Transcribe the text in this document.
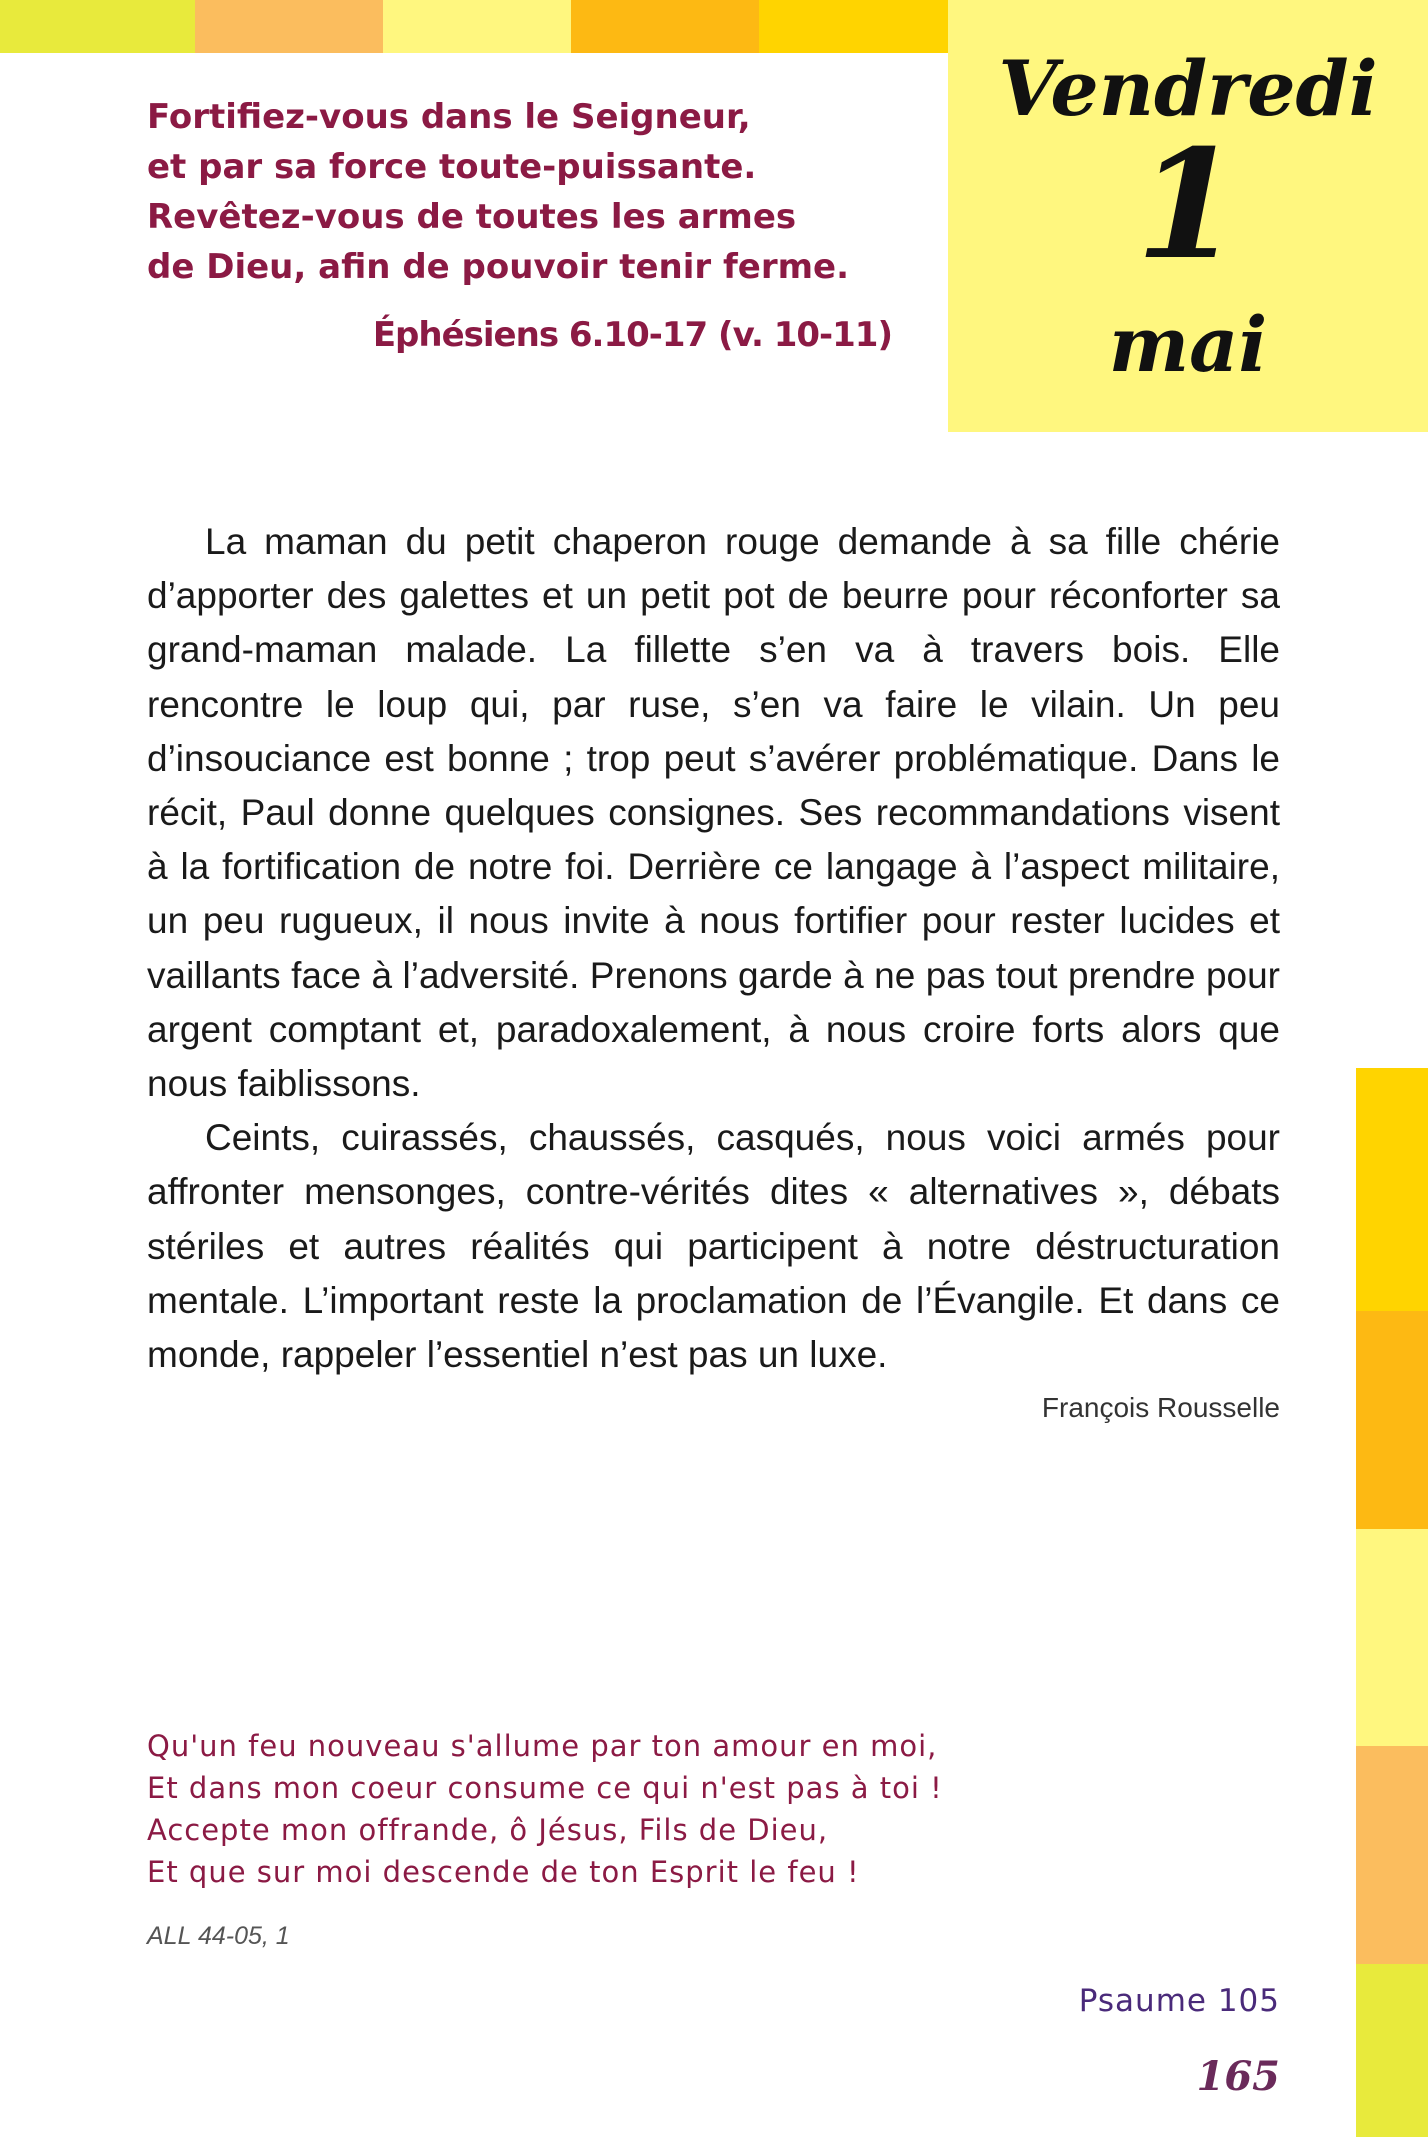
Vendredi
1
mai
Fortifiez-vous dans le Seigneur,
et par sa force toute-puissante.
Revêtez-vous de toutes les armes
de Dieu, afin de pouvoir tenir ferme.
Éphésiens 6.10-17 (v. 10-11)

La maman du petit chaperon rouge demande à sa fille chérie d’apporter des galettes et un petit pot de beurre pour réconforter sa grand-maman malade. La fillette s’en va à travers bois. Elle rencontre le loup qui, par ruse, s’en va faire le vilain. Un peu d’insouciance est bonne ; trop peut s’avérer problématique. Dans le récit, Paul donne quelques consignes. Ses recommandations visent à la fortification de notre foi. Derrière ce langage à l’aspect militaire, un peu rugueux, il nous invite à nous fortifier pour rester lucides et vaillants face à l’adversité. Prenons garde à ne pas tout prendre pour argent comptant et, paradoxalement, à nous croire forts alors que nous faiblissons.

Ceints, cuirassés, chaussés, casqués, nous voici armés pour affronter mensonges, contre-vérités dites « alternatives », débats stériles et autres réalités qui participent à notre déstructuration mentale. L’important reste la proclamation de l’Évangile. Et dans ce monde, rappeler l’essentiel n’est pas un luxe.

François Rousselle
Qu'un feu nouveau s'allume par ton amour en moi,
Et dans mon coeur consume ce qui n'est pas à toi !
Accepte mon offrande, ô Jésus, Fils de Dieu,
Et que sur moi descende de ton Esprit le feu !
ALL 44-05, 1
Psaume 105
165
